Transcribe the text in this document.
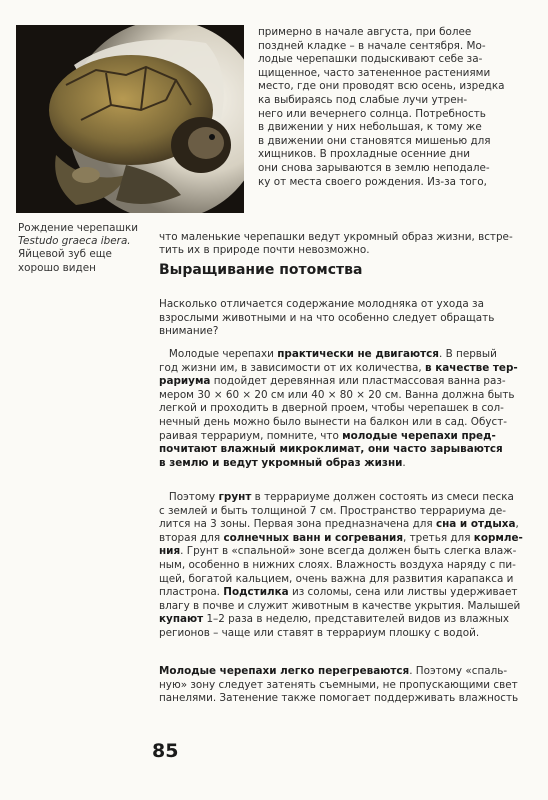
Рождение черепашки
Testudo graeca ibera.
Яйцевой зуб еще
хорошо виден
примерно в начале августа, при более
поздней кладке – в начале сентября. Мо-
лодые черепашки подыскивают себе за-
щищенное, часто затененное растениями
место, где они проводят всю осень, изредка
ка выбираясь под слабые лучи утрен-
него или вечернего солнца. Потребность
в движении у них небольшая, к тому же
в движении они становятся мишенью для
хищников. В прохладные осенние дни
они снова зарываются в землю неподале-
ку от места своего рождения. Из-за того,
что маленькие черепашки ведут укромный образ жизни, встре-
тить их в природе почти невозможно.
Выращивание потомства
Насколько отличается содержание молодняка от ухода за
взрослыми животными и на что особенно следует обращать
внимание?
Молодые черепахи практически не двигаются. В первый
год жизни им, в зависимости от их количества, в качестве тер-
рариума подойдет деревянная или пластмассовая ванна раз-
мером 30 × 60 × 20 см или 40 × 80 × 20 см. Ванна должна быть
легкой и проходить в дверной проем, чтобы черепашек в сол-
нечный день можно было вынести на балкон или в сад. Обуст-
раивая террариум, помните, что молодые черепахи пред-
почитают влажный микроклимат, они часто зарываются
в землю и ведут укромный образ жизни.
Поэтому грунт в террариуме должен состоять из смеси песка
с землей и быть толщиной 7 см. Пространство террариума де-
лится на 3 зоны. Первая зона предназначена для сна и отдыха,
вторая для солнечных ванн и согревания, третья для кормле-
ния. Грунт в «спальной» зоне всегда должен быть слегка влаж-
ным, особенно в нижних слоях. Влажность воздуха наряду с пи-
щей, богатой кальцием, очень важна для развития карапакса и
пластрона. Подстилка из соломы, сена или листвы удерживает
влагу в почве и служит животным в качестве укрытия. Малышей
купают 1–2 раза в неделю, представителей видов из влажных
регионов – чаще или ставят в террариум плошку с водой.
Молодые черепахи легко перегреваются. Поэтому «спаль-
ную» зону следует затенять съемными, не пропускающими свет
панелями. Затенение также помогает поддерживать влажность
85
